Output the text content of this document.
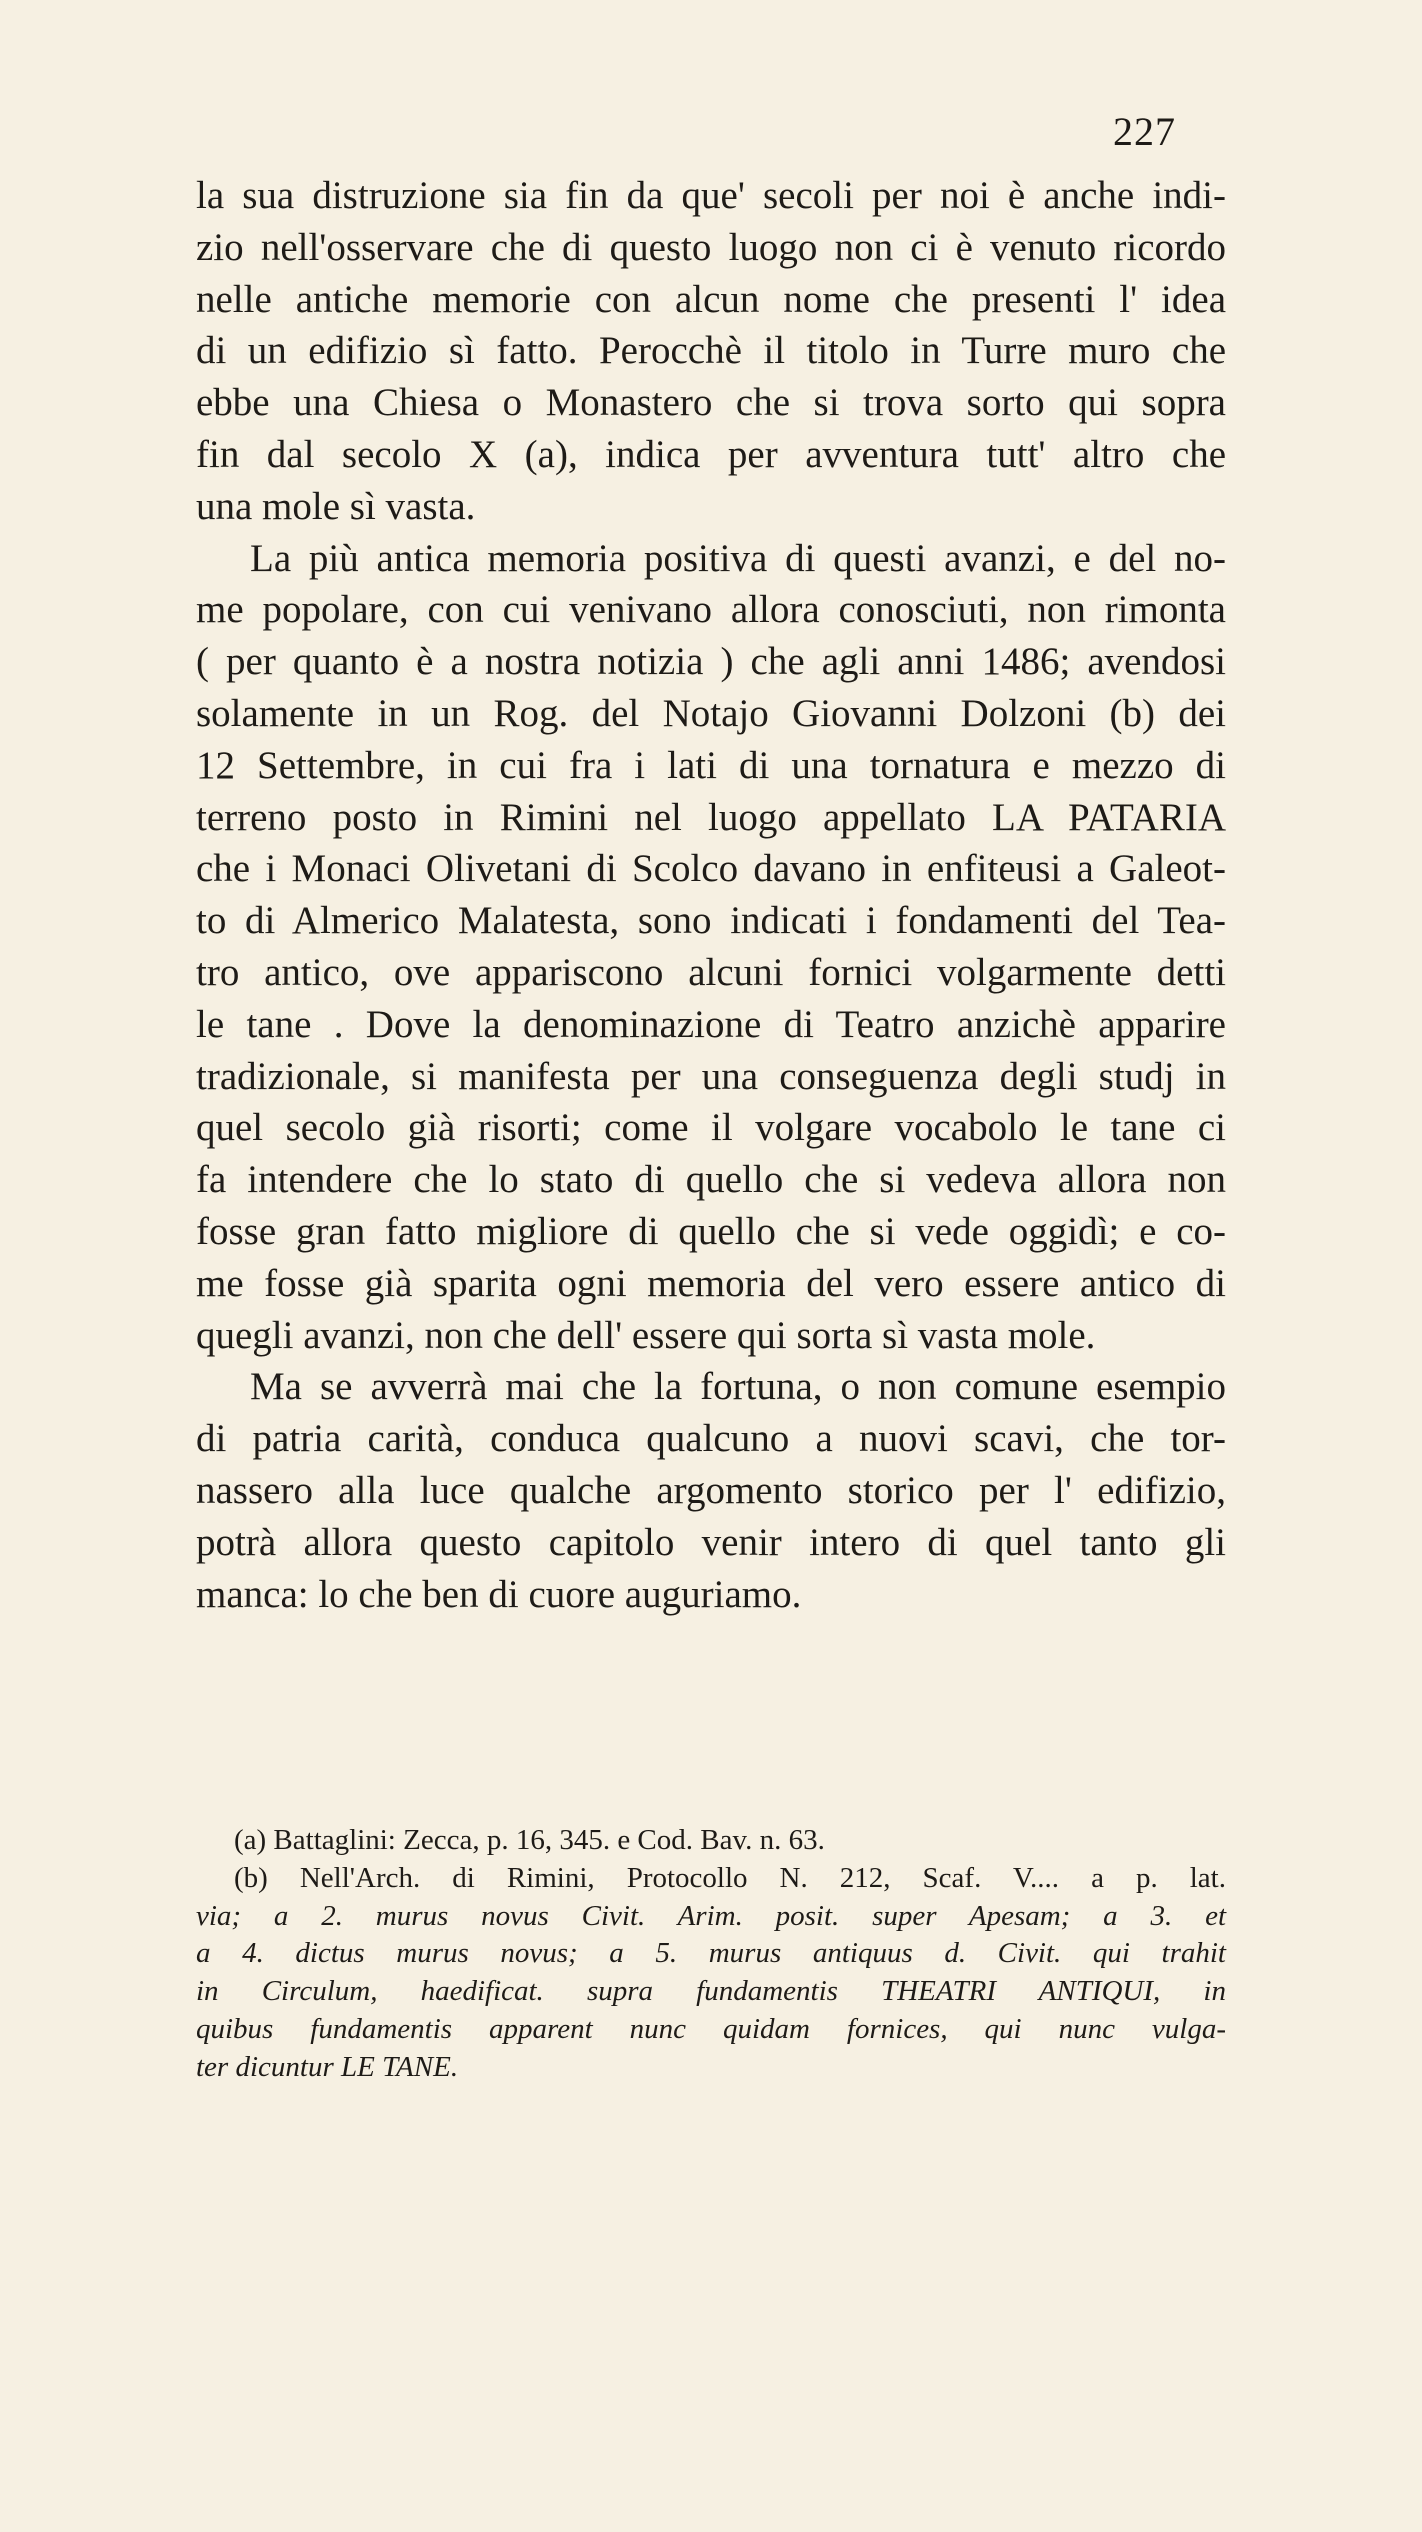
227
la sua distruzione sia fin da que' secoli per noi è anche indi-
zio nell'osservare che di questo luogo non ci è venuto ricordo
nelle antiche memorie con alcun nome che presenti l' idea
di un edifizio sì fatto. Perocchè il titolo in Turre muro che
ebbe una Chiesa o Monastero che si trova sorto qui sopra
fin dal secolo X (a), indica per avventura tutt' altro che
una mole sì vasta.
La più antica memoria positiva di questi avanzi, e del no-
me popolare, con cui venivano allora conosciuti, non rimonta
( per quanto è a nostra notizia ) che agli anni 1486; avendosi
solamente in un Rog. del Notajo Giovanni Dolzoni (b) dei
12 Settembre, in cui fra i lati di una tornatura e mezzo di
terreno posto in Rimini nel luogo appellato LA PATARIA
che i Monaci Olivetani di Scolco davano in enfiteusi a Galeot-
to di Almerico Malatesta, sono indicati i fondamenti del Tea-
tro antico, ove appariscono alcuni fornici volgarmente detti
le tane . Dove la denominazione di Teatro anzichè apparire
tradizionale, si manifesta per una conseguenza degli studj in
quel secolo già risorti; come il volgare vocabolo le tane ci
fa intendere che lo stato di quello che si vedeva allora non
fosse gran fatto migliore di quello che si vede oggidì; e co-
me fosse già sparita ogni memoria del vero essere antico di
quegli avanzi, non che dell' essere qui sorta sì vasta mole.
Ma se avverrà mai che la fortuna, o non comune esempio
di patria carità, conduca qualcuno a nuovi scavi, che tor-
nassero alla luce qualche argomento storico per l' edifizio,
potrà allora questo capitolo venir intero di quel tanto gli
manca: lo che ben di cuore auguriamo.
(a) Battaglini: Zecca, p. 16, 345. e Cod. Bav. n. 63.
(b) Nell'Arch. di Rimini, Protocollo N. 212, Scaf. V.... a p. lat.
via; a 2. murus novus Civit. Arim. posit. super Apesam; a 3. et
a 4. dictus murus novus; a 5. murus antiquus d. Civit. qui trahit
in Circulum, haedificat. supra fundamentis THEATRI ANTIQUI, in
quibus fundamentis apparent nunc quidam fornices, qui nunc vulga-
ter dicuntur LE TANE.
